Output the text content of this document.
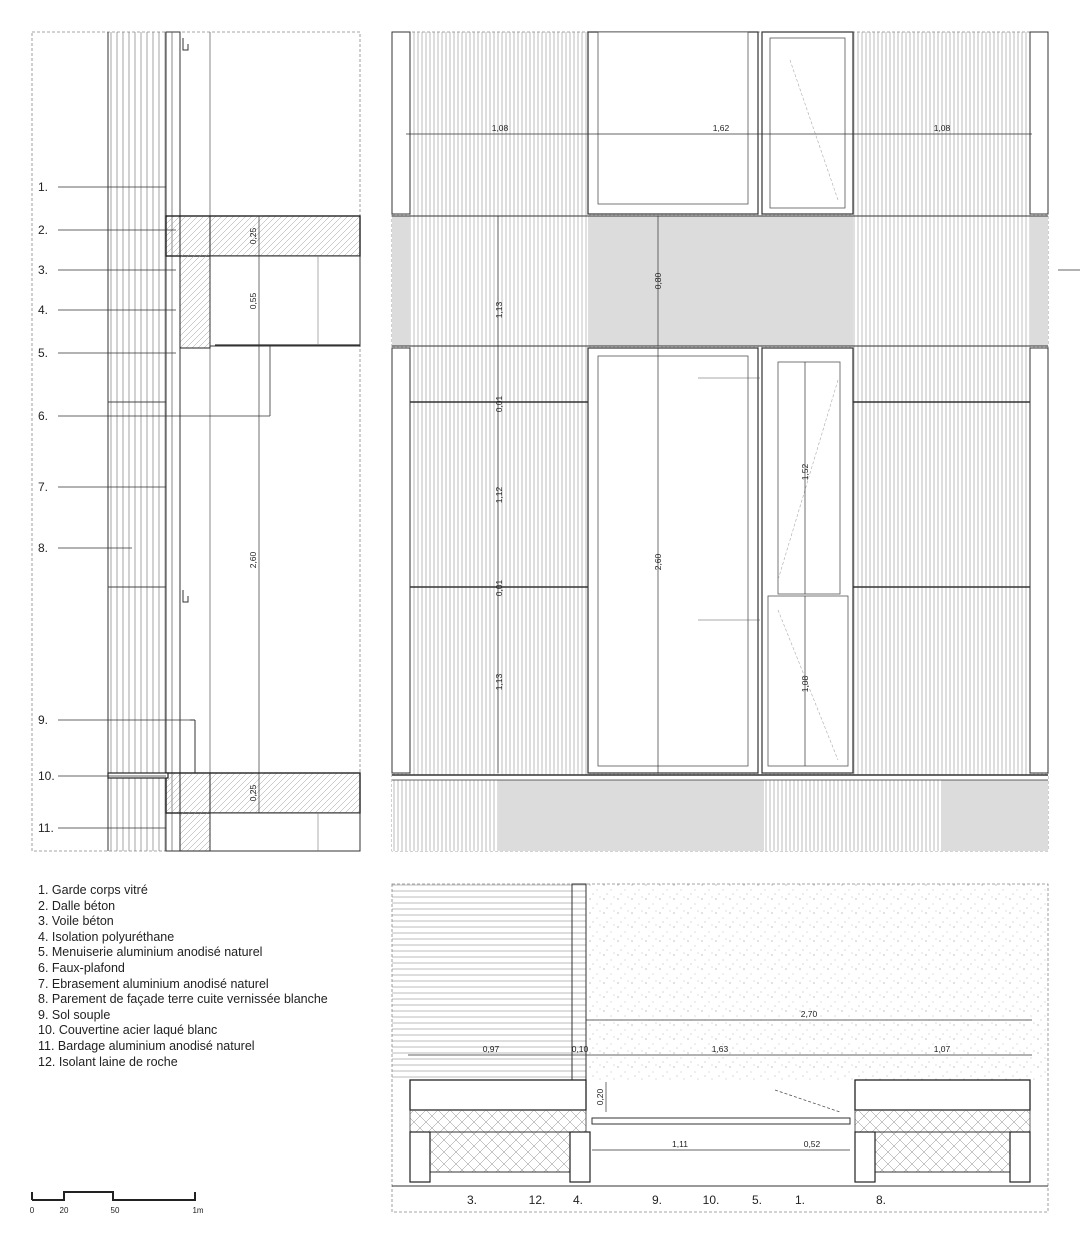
1.
2.
3.
4.
5.
6.
7.
8.
9.
10.
11.
0,25
0,55
2,60
0,25
1,08	1,62	1,08
1,13
0,01
1,12
0,01
1,13
0,80
2,60
1,52
1,08
2,70
0,97	0,10	1,63	1,07
0,20
1,11	0,52
3.	12. 4.	9.	10.	5.	1.	8.
0	20	50	1m
1. Garde corps vitré
2. Dalle béton
3. Voile béton
4. Isolation polyuréthane
5. Menuiserie aluminium anodisé naturel
6. Faux-plafond
7. Ebrasement aluminium anodisé naturel
8. Parement de façade terre cuite vernissée blanche
9. Sol souple
10. Couvertine acier laqué blanc
11. Bardage aluminium anodisé naturel
12. Isolant laine de roche
